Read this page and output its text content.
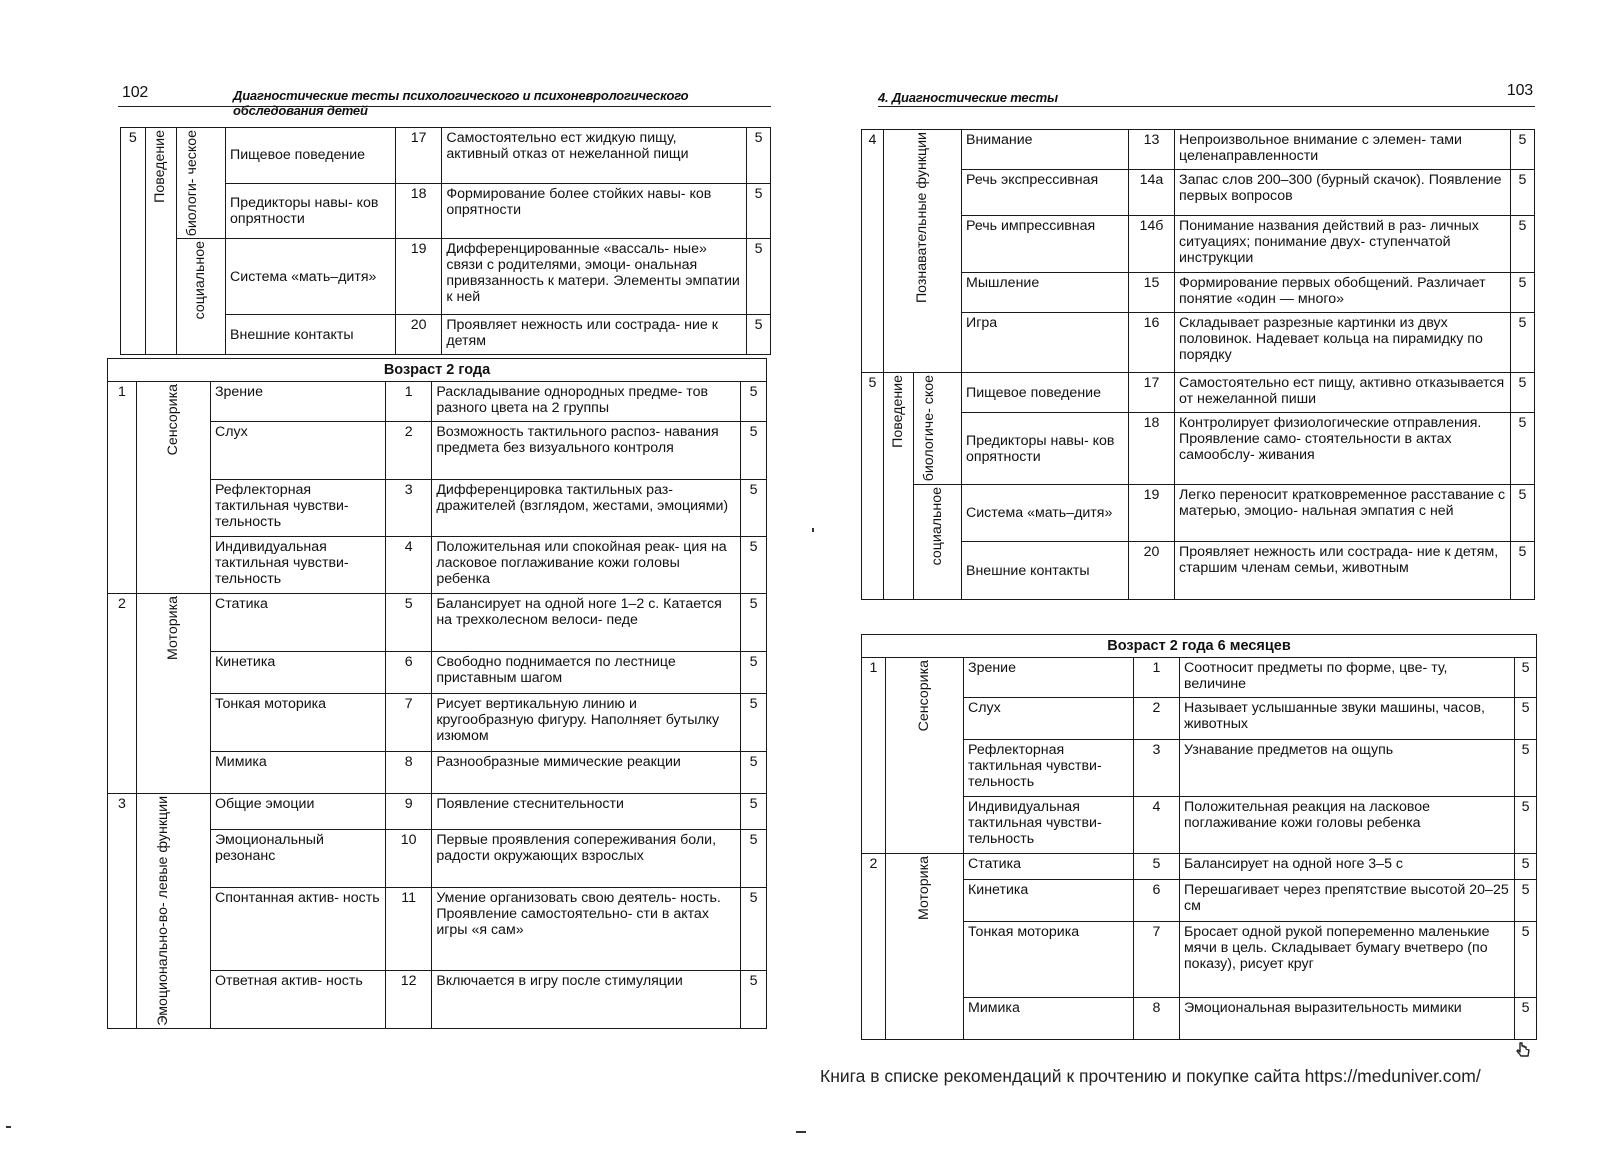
102	Диагностические тесты психологического и психоневрологического обследования детей
4. Диагностические тесты	103
5	Поведение	биологи- ческое	Пищевое поведение	17	Самостоятельно ест жидкую пищу, активный отказ от нежеланной пищи	5
			Предикторы навы- ков опрятности	18	Формирование более стойких навы- ков опрятности	5

		социальное	Система «мать–дитя»	19	Дифференцированные «вассаль- ные» связи с родителями, эмоци- ональная привязанность к матери. Элементы эмпатии к ней	5
			Внешние контакты	20	Проявляет нежность или сострада- ние к детям	5
Возраст 2 года					
1	Сенсорика	Зрение	1	Раскладывание однородных предме- тов разного цвета на 2 группы	5
		Слух	2	Возможность тактильного распоз- навания предмета без визуального контроля	5
		Рефлекторная тактильная чувстви- тельность	3	Дифференцировка тактильных раз- дражителей (взглядом, жестами, эмоциями)	5
		Индивидуальная тактильная чувстви- тельность	4	Положительная или спокойная реак- ция на ласковое поглаживание кожи головы ребенка	5
2	Моторика	Статика	5	Балансирует на одной ноге 1–2 с. Катается на трехколесном велоси- педе	5
		Кинетика	6	Свободно поднимается по лестнице приставным шагом	5
		Тонкая моторика	7	Рисует вертикальную линию и кругообразную фигуру. Наполняет бутылку изюмом	5
		Мимика	8	Разнообразные мимические реакции	5
3	Эмоционально-во- левые функции	Общие эмоции	9	Появление стеснительности	5
		Эмоциональный резонанс	10	Первые проявления сопереживания боли, радости окружающих взрослых	5
		Спонтанная актив- ность	11	Умение организовать свою деятель- ность. Проявление самостоятельно- сти в актах игры «я сам»	5
		Ответная актив- ность	12	Включается в игру после стимуляции	5
4	Познавательные функции		Внимание	13	Непроизвольное внимание с элемен- тами целенаправленности	5
			Речь экспрессивная	14а	Запас слов 200–300 (бурный скачок). Появление первых вопросов	5
			Речь импрессивная	14б	Понимание названия действий в раз- личных ситуациях; понимание двух- ступенчатой инструкции	5
			Мышление	15	Формирование первых обобщений. Различает понятие «один — много»	5
			Игра	16	Складывает разрезные картинки из двух половинок. Надевает кольца на пирамидку по порядку	5
5	Поведение	биологиче- ское	Пищевое поведение	17	Самостоятельно ест пищу, активно отказывается от нежеланной пиши	5
			Предикторы навы- ков опрятности	18	Контролирует физиологические отправления. Проявление само- стоятельности в актах самообслу- живания	5

		социальное	Система «мать–дитя»	19	Легко переносит кратковременное расставание с матерью, эмоцио- нальная эмпатия с ней	5
			Внешние контакты	20	Проявляет нежность или сострада- ние к детям, старшим членам семьи, животным	5
Возраст 2 года 6 месяцев					
1	Сенсорика	Зрение	1	Соотносит предметы по форме, цве- ту, величине	5
		Слух	2	Называет услышанные звуки машины, часов, животных	5
		Рефлекторная тактильная чувстви- тельность	3	Узнавание предметов на ощупь	5
		Индивидуальная тактильная чувстви- тельность	4	Положительная реакция на ласковое поглаживание кожи головы ребенка	5
2	Моторика	Статика	5	Балансирует на одной ноге 3–5 с	5
		Кинетика	6	Перешагивает через препятствие высотой 20–25 см	5
		Тонкая моторика	7	Бросает одной рукой попеременно маленькие мячи в цель. Складывает бумагу вчетверо (по показу), рисует круг	5
		Мимика	8	Эмоциональная выразительность мимики	5
Книга в списке рекомендаций к прочтению и покупке сайта https://meduniver.com/
